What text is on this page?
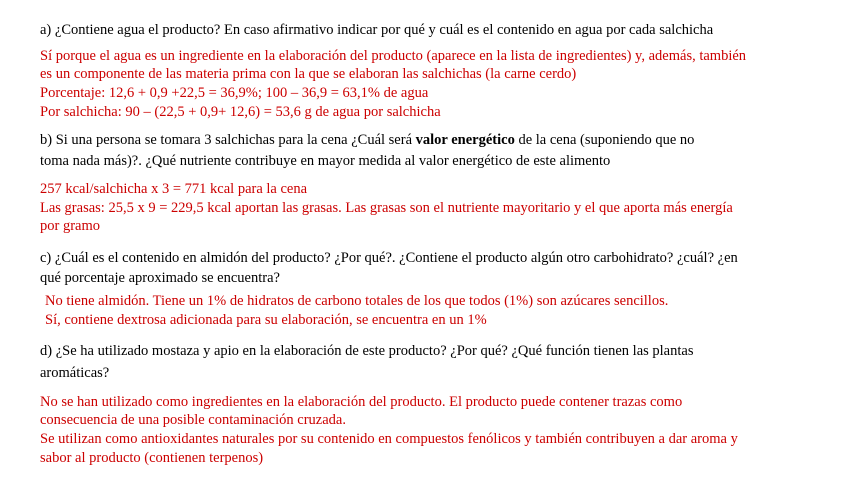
a) ¿Contiene agua el producto? En caso afirmativo indicar por qué y cuál es el contenido en agua por cada salchicha
Sí porque el agua es un ingrediente en la elaboración del producto (aparece en la lista de ingredientes) y, además, también
es un componente de las materia prima con la que se elaboran las salchichas (la carne cerdo)
Porcentaje: 12,6 + 0,9 +22,5 = 36,9%; 100 – 36,9 = 63,1% de agua
Por salchicha: 90 – (22,5 + 0,9+ 12,6) = 53,6 g de agua por salchicha
b) Si una persona se tomara 3 salchichas para la cena ¿Cuál será valor energético de la cena (suponiendo que no
toma nada más)?. ¿Qué nutriente contribuye en mayor medida al valor energético de este alimento
257 kcal/salchicha x 3 = 771 kcal para la cena
Las grasas: 25,5 x 9 = 229,5 kcal aportan las grasas. Las grasas son el nutriente mayoritario y el que aporta más energía
por gramo
c) ¿Cuál es el contenido en almidón del producto? ¿Por qué?. ¿Contiene el producto algún otro carbohidrato? ¿cuál? ¿en
qué porcentaje aproximado se encuentra?
No tiene almidón. Tiene un 1% de hidratos de carbono totales de los que todos (1%) son azúcares sencillos.
Sí, contiene dextrosa adicionada para su elaboración, se encuentra en un 1%
d) ¿Se ha utilizado mostaza y apio en la elaboración de este producto? ¿Por qué? ¿Qué función tienen las plantas
aromáticas?
No se han utilizado como ingredientes en la elaboración del producto. El producto puede contener trazas como
consecuencia de una posible contaminación cruzada.
Se utilizan como antioxidantes naturales por su contenido en compuestos fenólicos y también contribuyen a dar aroma y
sabor al producto (contienen terpenos)
